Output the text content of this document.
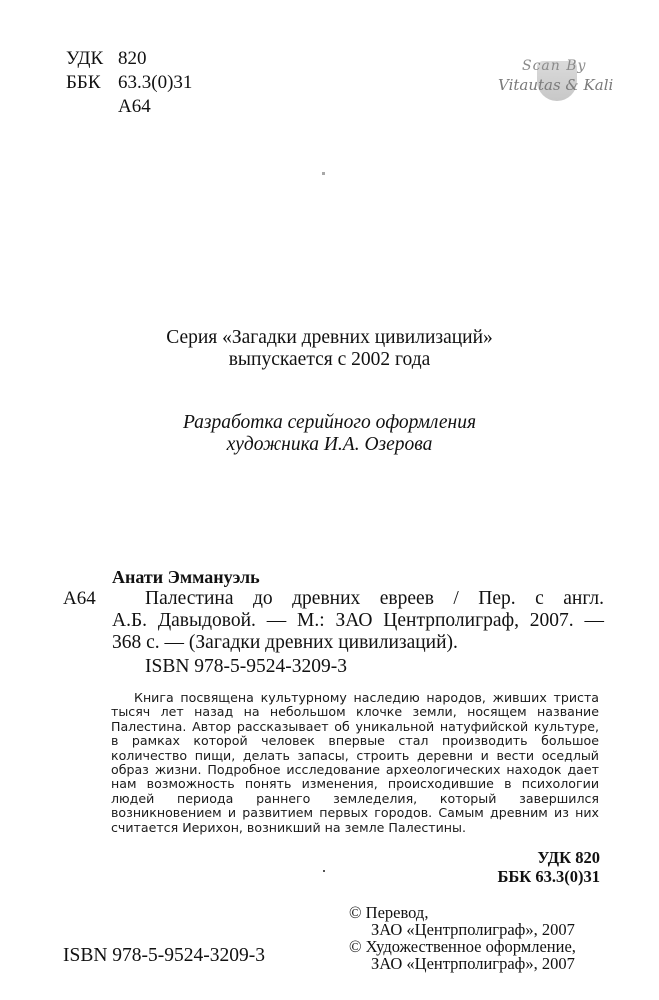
УДК 820
ББК 63.3(0)31
А64
Scan By
Vitautas & Kali
Серия «Загадки древних цивилизаций»
выпускается с 2002 года
Разработка серийного оформления
художника И.А. Озерова
Анати Эммануэль
А64	Палестина до древних евреев / Пер. с англ.
А.Б. Давыдовой. — М.: ЗАО Центрполиграф, 2007. —
368 с. — (Загадки древних цивилизаций).
ISBN 978-5-9524-3209-3

Книга посвящена культурному наследию народов, живших триста тысяч лет назад на небольшом клочке земли, носящем название Палестина. Автор рассказывает об уникальной натуфийской культуре, в рамках которой человек впервые стал производить большое количество пищи, делать запасы, строить деревни и вести оседлый образ жизни. Подробное исследование археологических находок дает нам возможность понять изменения, происходившие в психологии людей периода раннего земледелия, который завершился возникновением и развитием первых городов. Самым древним из них считается Иерихон, возникший на земле Палестины.

УДК 820
ББК 63.3(0)31
© Перевод,
ЗАО «Центрполиграф», 2007
© Художественное оформление,
ЗАО «Центрполиграф», 2007
ISBN 978-5-9524-3209-3
